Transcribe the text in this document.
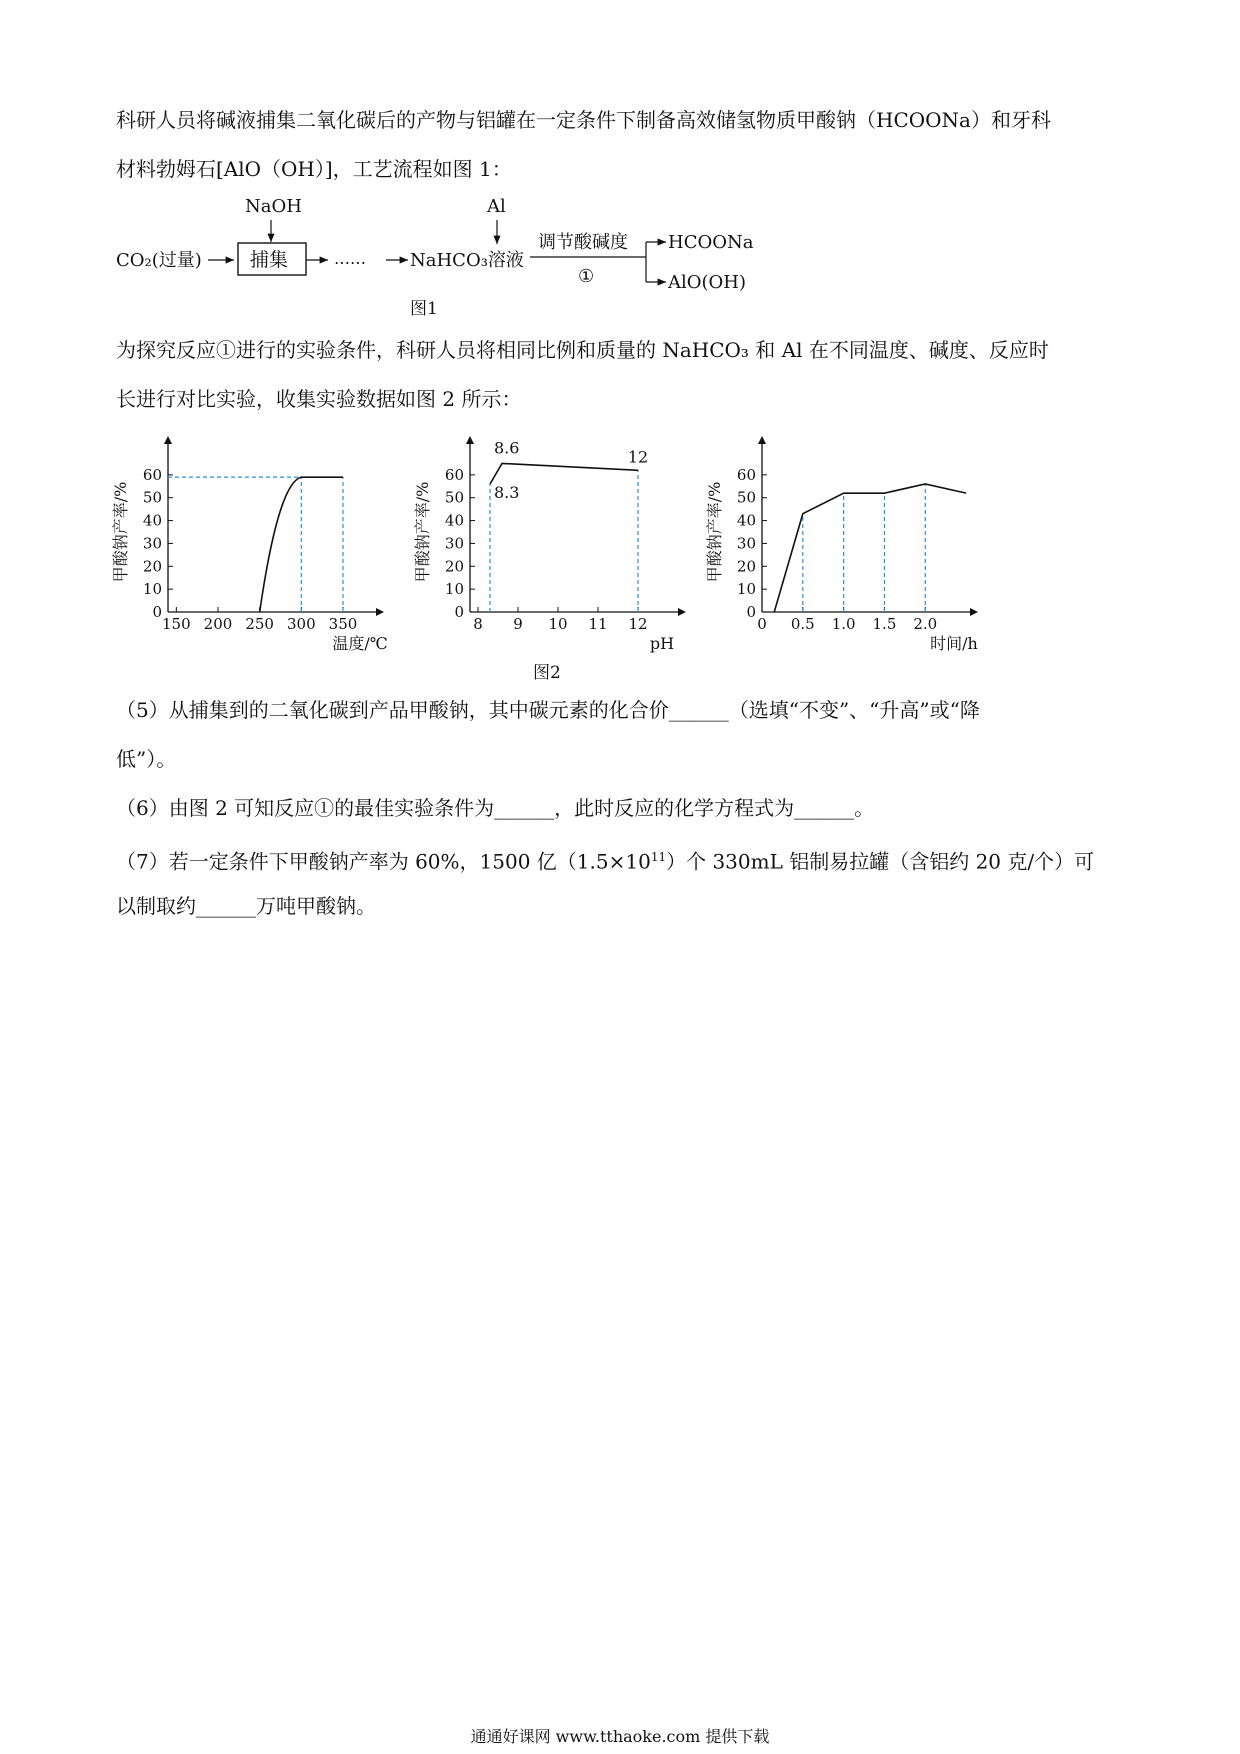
科研人员将碱液捕集二氧化碳后的产物与铝罐在一定条件下制备高效储氢物质甲酸钠（HCOONa）和牙科
材料勃姆石[AlO（OH）]，工艺流程如图 1：
CO₂(过量)
NaOH
捕集	…… NaHCO₃溶液
Al
调节酸碱度
①
HCOONa
AlO(OH)
图1
为探究反应①进行的实验条件，科研人员将相同比例和质量的 NaHCO₃ 和 Al 在不同温度、碱度、反应时
长进行对比实验，收集实验数据如图 2 所示：
0
10
20
30
40
50
60
150 200 250 300 350
温度/℃
甲酸钠产率/%
0
10
20
30
40
50
60
8 9 10 11 12
8.6
8.3
12
pH
甲酸钠产率/%
0
10
20
30
40
50
60
0 0.5 1.0 1.5 2.0
时间/h
甲酸钠产率/%
图2
（5）从捕集到的二氧化碳到产品甲酸钠，其中碳元素的化合价______（选填“不变”、“升高”或“降
低”）。
（6）由图 2 可知反应①的最佳实验条件为______，此时反应的化学方程式为______。
（7）若一定条件下甲酸钠产率为 60%，1500 亿$(1.5\times 10^{11})$个 330mL 铝制易拉罐（含铝约 20 克/个）可
以制取约______万吨甲酸钠。
通通好课网 www.tthaoke.com 提供下载
